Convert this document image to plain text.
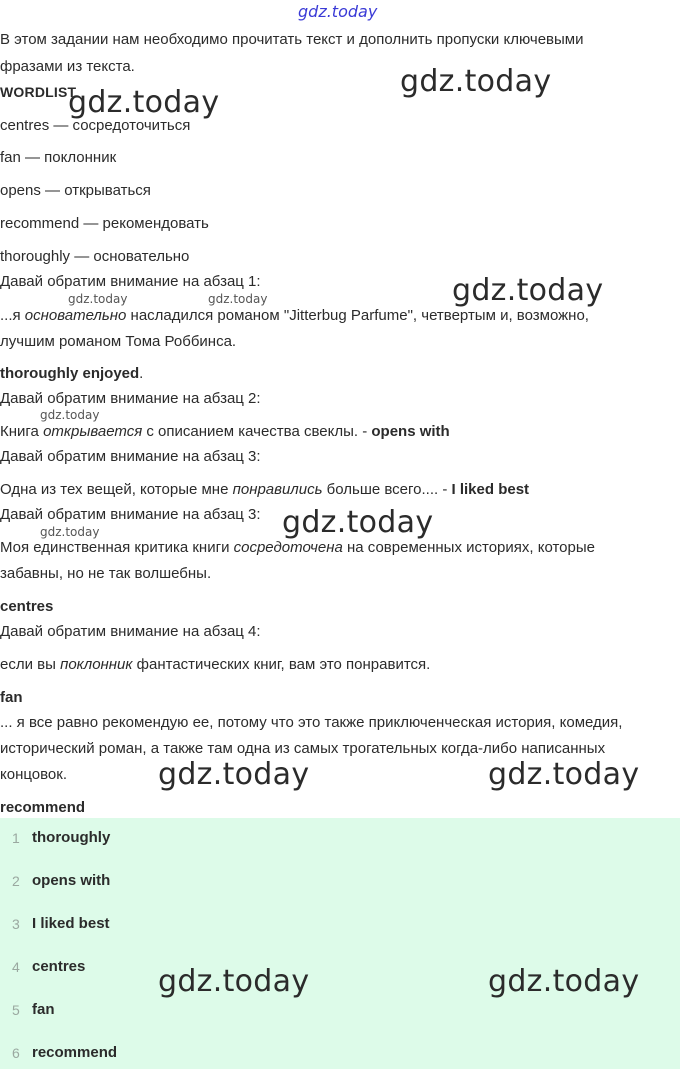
gdz.today
gdz.today
gdz.today
gdz.today
gdz.today	gdz.today
gdz.today
gdz.today
gdz.today
gdz.today	gdz.today
В этом задании нам необходимо прочитать текст и дополнить пропуски ключевыми
фразами из текста.
WORDLIST
centres — сосредоточиться
fan — поклонник
opens — открываться
recommend — рекомендовать
thoroughly — основательно
Давай обратим внимание на абзац 1:
...я основательно насладился романом "Jitterbug Parfume", четвертым и, возможно,
лучшим романом Тома Роббинса.
thoroughly enjoyed.
Давай обратим внимание на абзац 2:
Книга открывается с описанием качества свеклы. - opens with
Давай обратим внимание на абзац 3:
Одна из тех вещей, которые мне понравились больше всего.... - I liked best
Давай обратим внимание на абзац 3:
Моя единственная критика книги сосредоточена на современных историях, которые
забавны, но не так волшебны.
centres
Давай обратим внимание на абзац 4:
если вы поклонник фантастических книг, вам это понравится.
fan
... я все равно рекомендую ее, потому что это также приключенческая история, комедия,
исторический роман, а также там одна из самых трогательных когда-либо написанных
концовок.
recommend
1 thoroughly
2 opens with
3 I liked best
4 centres
5 fan
6 recommend
gdz.today	gdz.today
